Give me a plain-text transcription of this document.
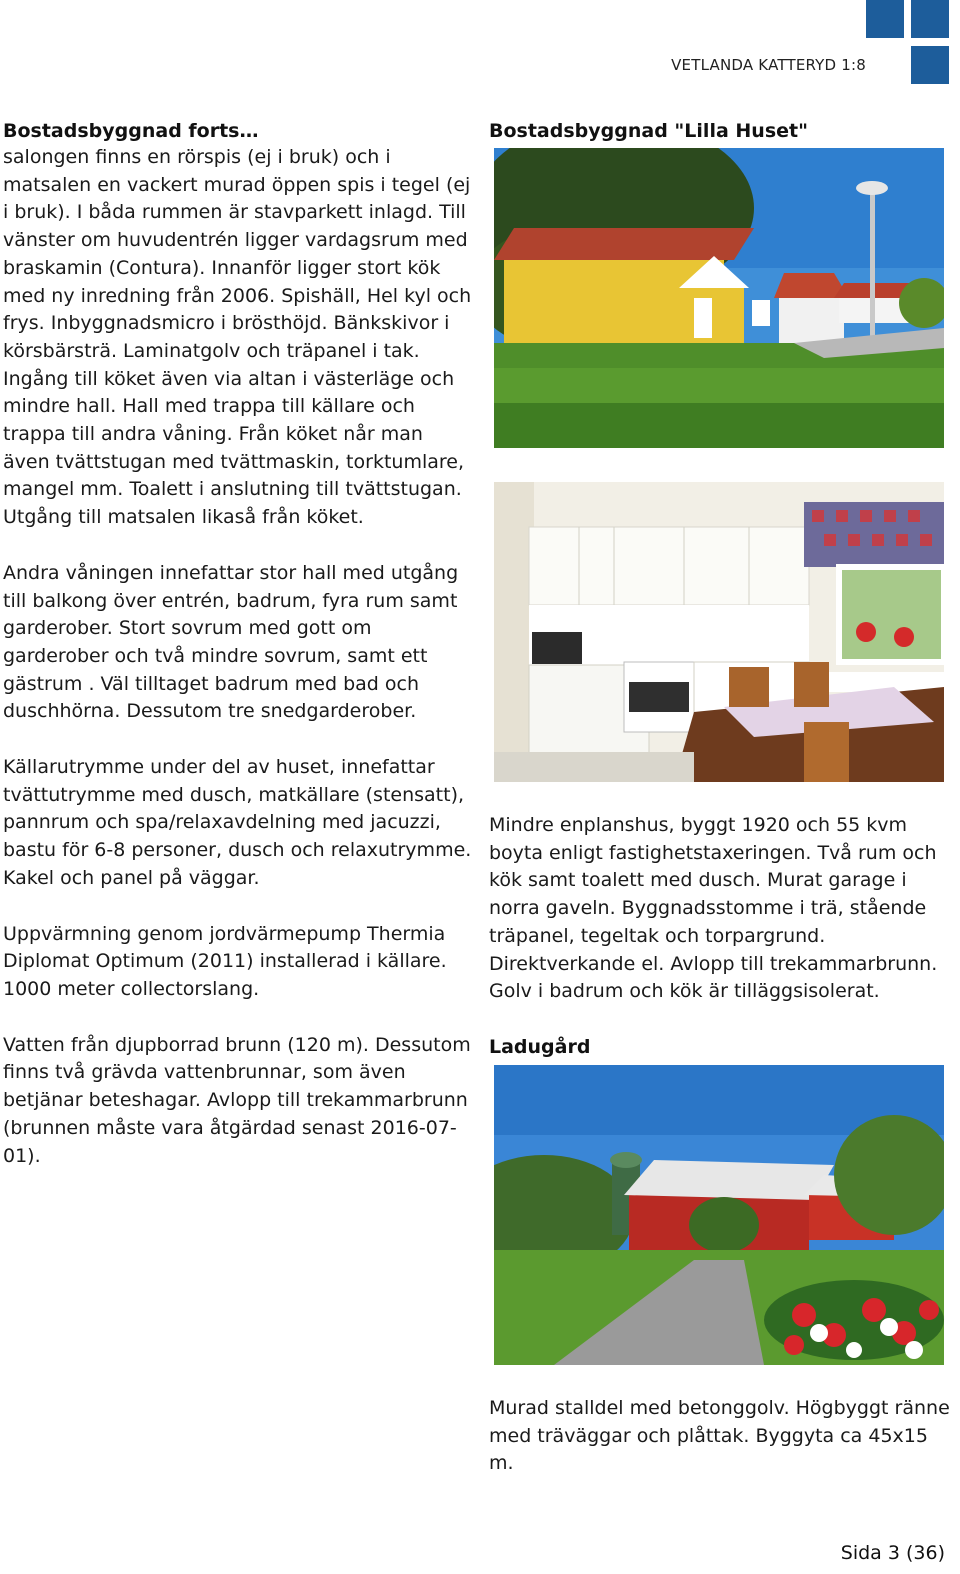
VETLANDA KATTERYD 1:8

Bostadsbyggnad forts…

salongen finns en rörspis (ej i bruk) och i matsalen en vackert murad öppen spis i tegel (ej i bruk). I båda rummen är stavparkett inlagd. Till vänster om huvudentrén ligger vardagsrum med braskamin (Contura). Innanför ligger stort kök med ny inredning från 2006. Spishäll, Hel kyl och frys. Inbyggnadsmicro i brösthöjd. Bänkskivor i körsbärsträ. Laminatgolv och träpanel i tak. Ingång till köket även via altan i västerläge och mindre hall. Hall med trappa till källare och trappa till andra våning. Från köket når man även tvättstugan med tvättmaskin, torktumlare, mangel mm. Toalett i anslutning till tvättstugan. Utgång till matsalen likaså från köket.

Andra våningen innefattar stor hall med utgång till balkong över entrén, badrum, fyra rum samt garderober. Stort sovrum med gott om garderober och två mindre sovrum, samt ett gästrum . Väl tilltaget badrum med bad och duschhörna. Dessutom tre snedgarderober.

Källarutrymme under del av huset, innefattar tvättutrymme med dusch, matkällare (stensatt), pannrum och spa/relaxavdelning med jacuzzi, bastu för 6-8 personer, dusch och relaxutrymme. Kakel och panel på väggar.

Uppvärmning genom jordvärmepump Thermia Diplomat Optimum (2011) installerad i källare. 1000 meter collectorslang.

Vatten från djupborrad brunn (120 m). Dessutom finns två grävda vattenbrunnar, som även betjänar beteshagar. Avlopp till trekammarbrunn (brunnen måste vara åtgärdad senast 2016-07-01).

Bostadsbyggnad "Lilla Huset"

Mindre enplanshus, byggt 1920 och 55 kvm boyta enligt fastighetstaxeringen. Två rum och kök samt toalett med dusch. Murat garage i norra gaveln. Byggnadsstomme i trä, stående träpanel, tegeltak och torpargrund. Direktverkande el. Avlopp till trekammarbrunn. Golv i badrum och kök är tilläggsisolerat.

Ladugård

Murad stalldel med betonggolv. Högbyggt ränne med träväggar och plåttak. Byggyta ca 45x15 m.

Sida 3 (36)
